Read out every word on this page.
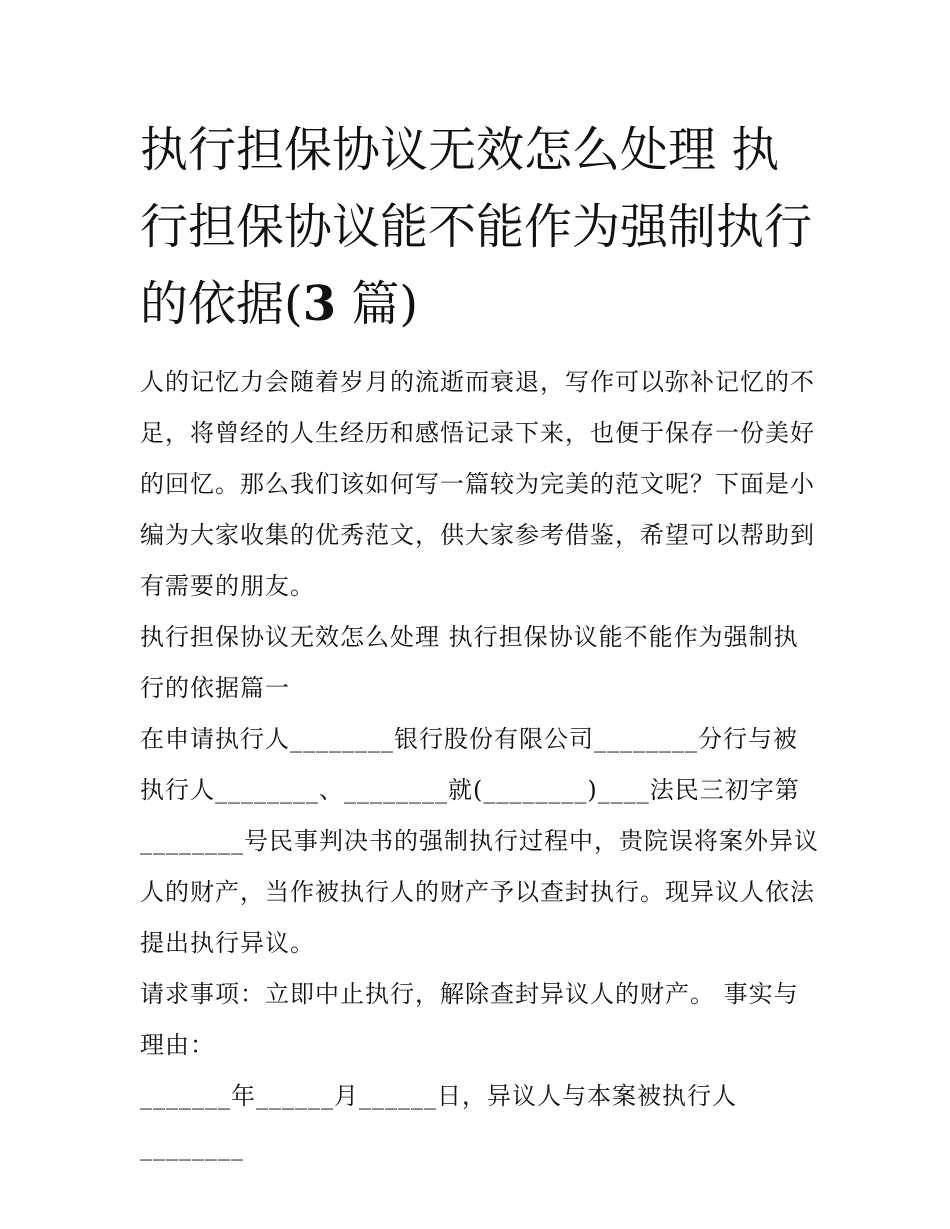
执行担保协议无效怎么处理 执行担保协议能不能作为强制执行的依据(3 篇)

人的记忆力会随着岁月的流逝而衰退，写作可以弥补记忆的不足，将曾经的人生经历和感悟记录下来，也便于保存一份美好的回忆。那么我们该如何写一篇较为完美的范文呢？下面是小编为大家收集的优秀范文，供大家参考借鉴，希望可以帮助到有需要的朋友。

执行担保协议无效怎么处理 执行担保协议能不能作为强制执行的依据篇一

在申请执行人________银行股份有限公司________分行与被执行人________、________就(________)____法民三初字第________号民事判决书的强制执行过程中，贵院误将案外异议人的财产，当作被执行人的财产予以查封执行。现异议人依法提出执行异议。

请求事项：立即中止执行，解除查封异议人的财产。 事实与理由：

_______年______月______日，异议人与本案被执行人________
